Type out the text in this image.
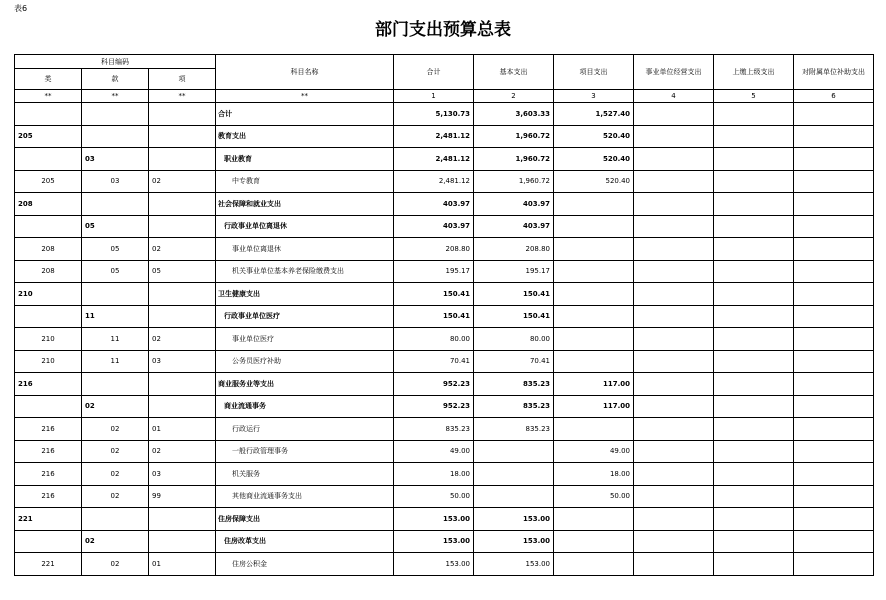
表6
部门支出预算总表
科目编码			科目名称	合计	基本支出	项目支出	事业单位经营支出	上缴上级支出	对附属单位补助支出
类	款	项							
**	**	**	**	1	2	3	4	5	6
			合计	5,130.73	3,603.33	1,527.40			
205			教育支出	2,481.12	1,960.72	520.40			
	03		职业教育	2,481.12	1,960.72	520.40			
205	03	02	中专教育	2,481.12	1,960.72	520.40			
208			社会保障和就业支出	403.97	403.97				
	05		行政事业单位离退休	403.97	403.97				
208	05	02	事业单位离退休	208.80	208.80				
208	05	05	机关事业单位基本养老保险缴费支出	195.17	195.17				
210			卫生健康支出	150.41	150.41				
	11		行政事业单位医疗	150.41	150.41				
210	11	02	事业单位医疗	80.00	80.00				
210	11	03	公务员医疗补助	70.41	70.41				
216			商业服务业等支出	952.23	835.23	117.00			
	02		商业流通事务	952.23	835.23	117.00			
216	02	01	行政运行	835.23	835.23				
216	02	02	一般行政管理事务	49.00		49.00			
216	02	03	机关服务	18.00		18.00			
216	02	99	其他商业流通事务支出	50.00		50.00			
221			住房保障支出	153.00	153.00				
	02		住房改革支出	153.00	153.00				
221	02	01	住房公积金	153.00	153.00				
